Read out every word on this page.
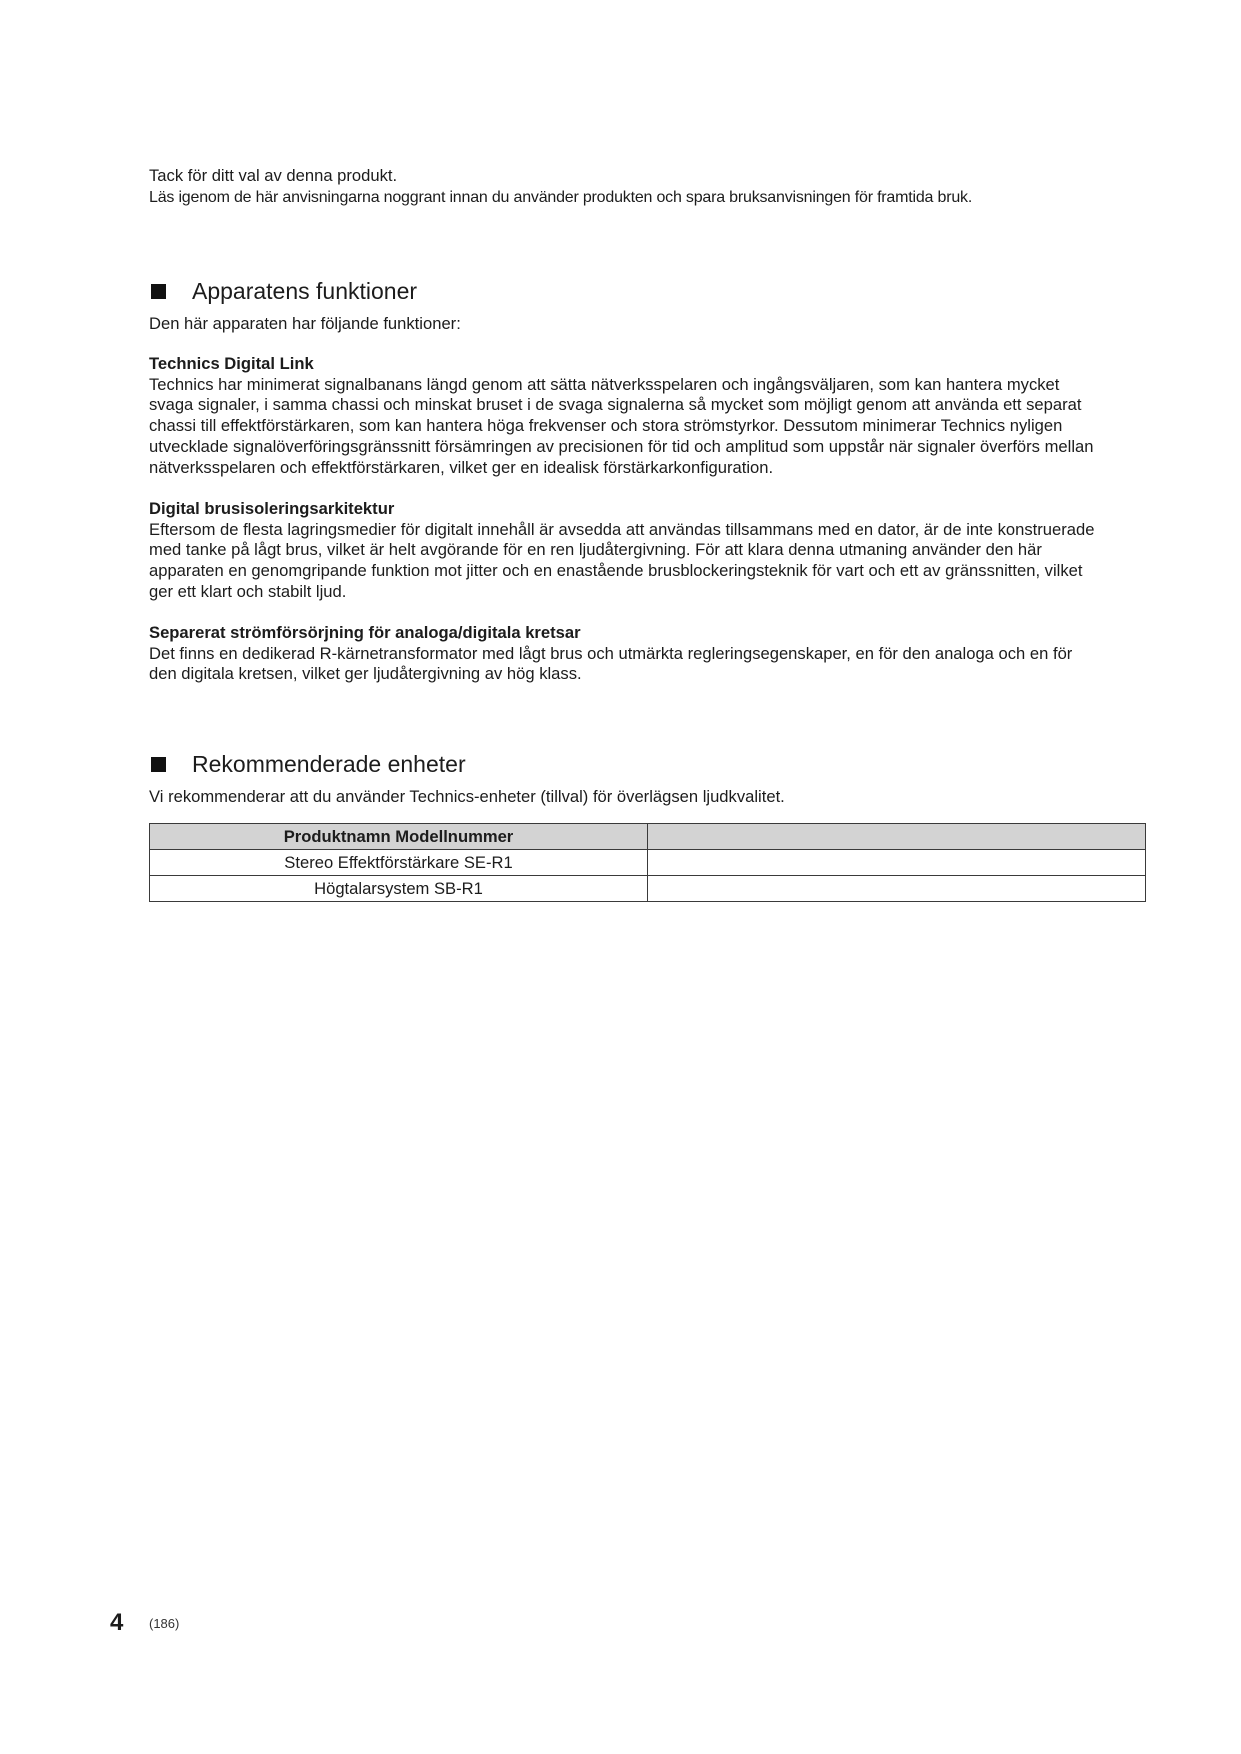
Tack för ditt val av denna produkt.
Läs igenom de här anvisningarna noggrant innan du använder produkten och spara bruksanvisningen för framtida bruk.
Apparatens funktioner
Den här apparaten har följande funktioner:
Technics Digital Link
Technics har minimerat signalbanans längd genom att sätta nätverksspelaren och ingångsväljaren, som kan hantera mycket
svaga signaler, i samma chassi och minskat bruset i de svaga signalerna så mycket som möjligt genom att använda ett separat
chassi till effektförstärkaren, som kan hantera höga frekvenser och stora strömstyrkor. Dessutom minimerar Technics nyligen
utvecklade signalöverföringsgränssnitt försämringen av precisionen för tid och amplitud som uppstår när signaler överförs mellan
nätverksspelaren och effektförstärkaren, vilket ger en idealisk förstärkarkonfiguration.
Digital brusisoleringsarkitektur
Eftersom de flesta lagringsmedier för digitalt innehåll är avsedda att användas tillsammans med en dator, är de inte konstruerade
med tanke på lågt brus, vilket är helt avgörande för en ren ljudåtergivning. För att klara denna utmaning använder den här
apparaten en genomgripande funktion mot jitter och en enastående brusblockeringsteknik för vart och ett av gränssnitten, vilket
ger ett klart och stabilt ljud.
Separerat strömförsörjning för analoga/digitala kretsar
Det finns en dedikerad R-kärnetransformator med lågt brus och utmärkta regleringsegenskaper, en för den analoga och en för
den digitala kretsen, vilket ger ljudåtergivning av hög klass.
Rekommenderade enheter
Vi rekommenderar att du använder Technics-enheter (tillval) för överlägsen ljudkvalitet.
Produktnamn Modellnummer	
Stereo Effektförstärkare SE-R1	
Högtalarsystem SB-R1	
4 (186)
